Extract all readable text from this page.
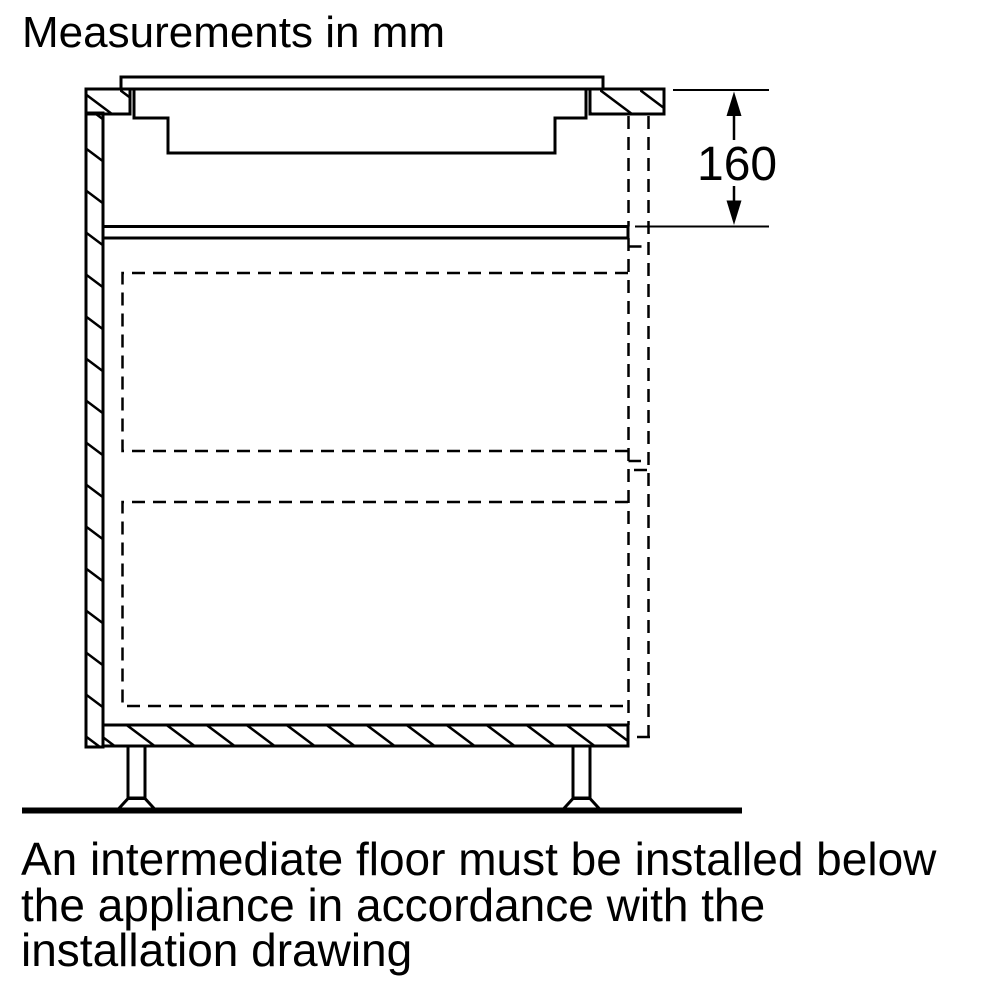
Measurements in mm
160
An intermediate floor must be installed below
the appliance in accordance with the
installation drawing
